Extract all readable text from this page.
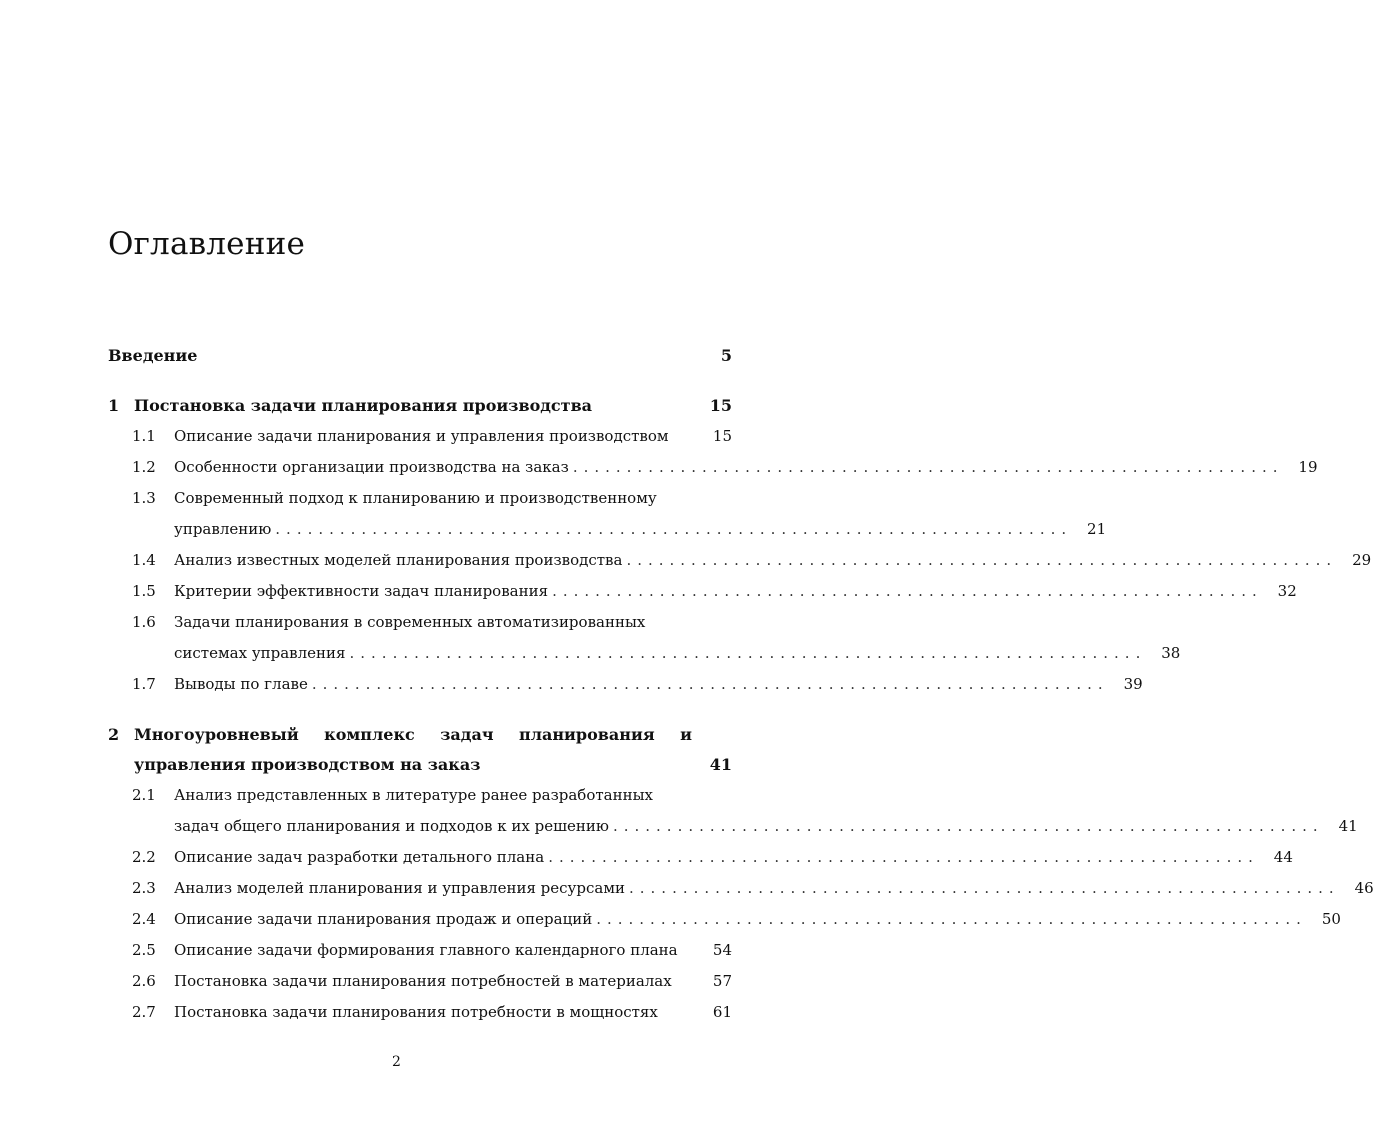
Оглавление
Введение	5
1 Постановка задачи планирования производства	15
1.1	Описание задачи планирования и управления производством	15
1.2	Особенности организации производства на заказ .................................................................. 19
1.3	Современный подход к планированию и производственному
управлению .......................................................................... 21
1.4	Анализ известных моделей планирования производства .................................................................. 29
1.5	Критерии эффективности задач планирования .................................................................. 32
1.6	Задачи планирования в современных автоматизированных
системах управления .......................................................................... 38
1.7	Выводы по главе .......................................................................... 39
2 Многоуровневый комплекс задач планирования и
управления производством на заказ	41
2.1	Анализ представленных в литературе ранее разработанных
задач общего планирования и подходов к их решению .................................................................. 41
2.2	Описание задач разработки детального плана .................................................................. 44
2.3	Анализ моделей планирования и управления ресурсами .................................................................. 46
2.4	Описание задачи планирования продаж и операций .................................................................. 50
2.5	Описание задачи формирования главного календарного плана	54
2.6	Постановка задачи планирования потребностей в материалах	57
2.7	Постановка задачи планирования потребности в мощностях	61
2
